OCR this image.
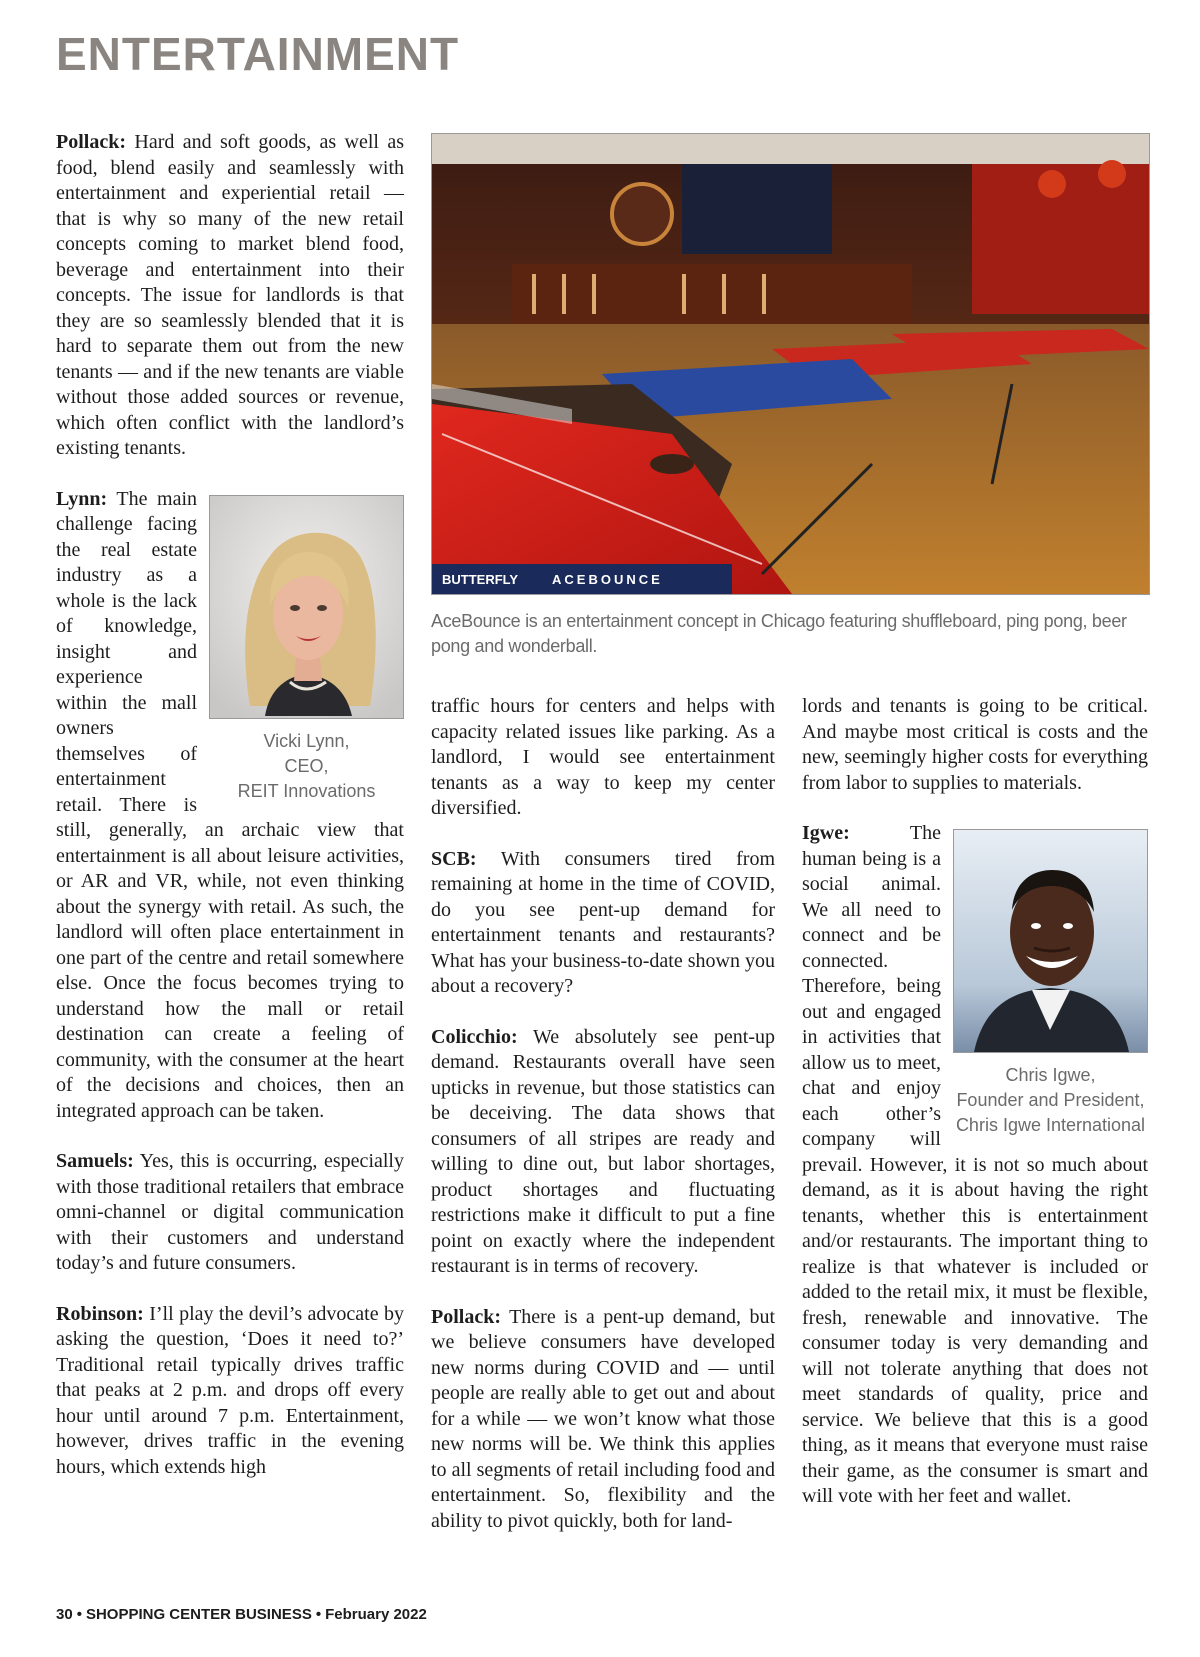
ENTERTAINMENT

Pollack: Hard and soft goods, as well as food, blend easily and seamlessly with entertainment and experiential retail — that is why so many of the new retail concepts coming to market blend food, beverage and entertainment into their concepts. The issue for landlords is that they are so seamlessly blended that it is hard to separate them out from the new tenants — and if the new tenants are viable without those added sources or revenue, which often conflict with the landlord’s existing tenants.

Vicki Lynn,
CEO,
REIT Innovations
Lynn: The main challenge facing the real estate industry as a whole is the lack of knowledge, insight and experience within the mall owners themselves of entertainment retail. There is still, generally, an archaic view that entertainment is all about leisure activities, or AR and VR, while, not even thinking about the synergy with retail. As such, the landlord will often place entertainment in one part of the centre and retail somewhere else. Once the focus becomes trying to understand how the mall or retail destination can create a feeling of community, with the consumer at the heart of the decisions and choices, then an integrated approach can be taken.

Samuels: Yes, this is occurring, especially with those traditional retailers that embrace omni-channel or digital communication with their customers and understand today’s and future consumers.

Robinson: I’ll play the devil’s advocate by asking the question, ‘Does it need to?’ Traditional retail typically drives traffic that peaks at 2 p.m. and drops off every hour until around 7 p.m. Entertainment, however, drives traffic in the evening hours, which extends high

BUTTERFLY	ACEBOUNCE

AceBounce is an entertainment concept in Chicago featuring shuffleboard, ping pong, beer pong and wonderball.

traffic hours for centers and helps with capacity related issues like parking. As a landlord, I would see entertainment tenants as a way to keep my center diversified.

SCB: With consumers tired from remaining at home in the time of COVID, do you see pent-up demand for entertainment tenants and restaurants? What has your business-to-date shown you about a recovery?

Colicchio: We absolutely see pent-up demand. Restaurants overall have seen upticks in revenue, but those statistics can be deceiving. The data shows that consumers of all stripes are ready and willing to dine out, but labor shortages, product shortages and fluctuating restrictions make it difficult to put a fine point on exactly where the independent restaurant is in terms of recovery.

Pollack: There is a pent-up demand, but we believe consumers have developed new norms during COVID and — until people are really able to get out and about for a while — we won’t know what those new norms will be. We think this applies to all segments of retail including food and entertainment. So, flexibility and the ability to pivot quickly, both for land-

lords and tenants is going to be critical. And maybe most critical is costs and the new, seemingly higher costs for everything from labor to supplies to materials.

Chris Igwe,
Founder and President,
Chris Igwe International
Igwe:	The human being is a social animal. We all need to connect and be connected. Therefore, being out and engaged in activities that allow us to meet, chat and enjoy each other’s company will prevail. However, it is not so much about demand, as it is about having the right tenants, whether this is entertainment and/or restaurants. The important thing to realize is that whatever is included or added to the retail mix, it must be flexible, fresh, renewable and innovative. The consumer today is very demanding and will not tolerate anything that does not meet standards of quality, price and service. We believe that this is a good thing, as it means that everyone must raise their game, as the consumer is smart and will vote with her feet and wallet.

30 • SHOPPING CENTER BUSINESS • February 2022
